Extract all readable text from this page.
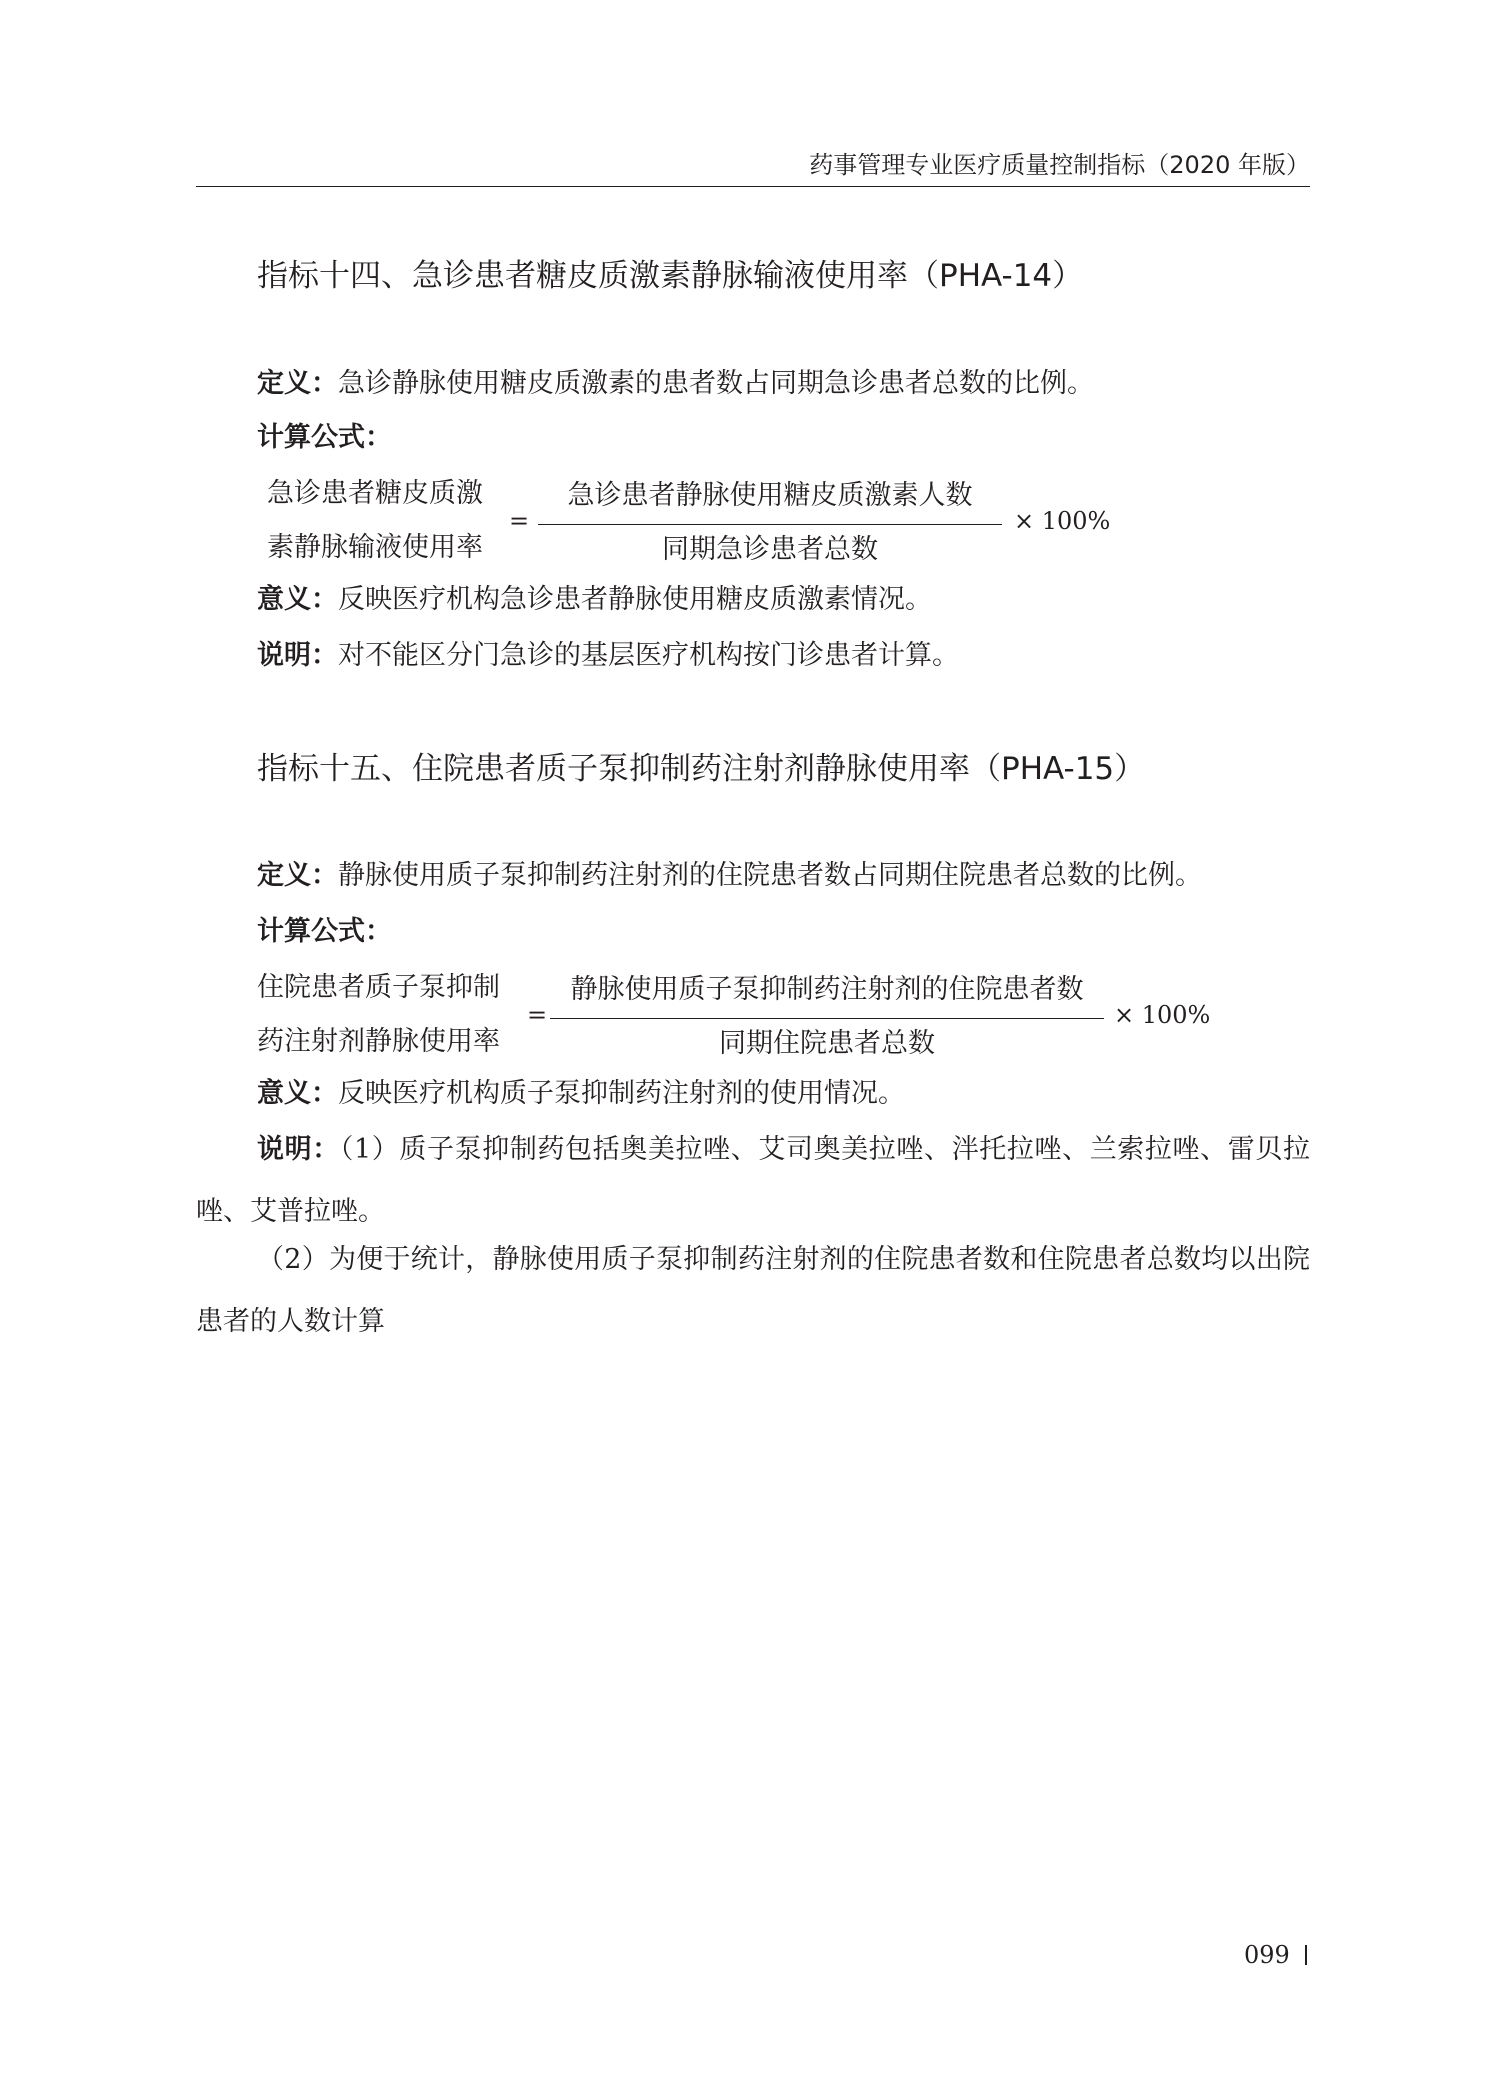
药事管理专业医疗质量控制指标（2020 年版）
指标十四、急诊患者糖皮质激素静脉输液使用率（PHA-14）
定义：急诊静脉使用糖皮质激素的患者数占同期急诊患者总数的比例。
计算公式：
急诊患者糖皮质激
素静脉输液使用率
=
急诊患者静脉使用糖皮质激素人数
同期急诊患者总数
× 100%
意义：反映医疗机构急诊患者静脉使用糖皮质激素情况。
说明：对不能区分门急诊的基层医疗机构按门诊患者计算。
指标十五、住院患者质子泵抑制药注射剂静脉使用率（PHA-15）
定义：静脉使用质子泵抑制药注射剂的住院患者数占同期住院患者总数的比例。
计算公式：
住院患者质子泵抑制
药注射剂静脉使用率
=
静脉使用质子泵抑制药注射剂的住院患者数
同期住院患者总数
× 100%
意义：反映医疗机构质子泵抑制药注射剂的使用情况。
说明：（1）质子泵抑制药包括奥美拉唑、艾司奥美拉唑、泮托拉唑、兰索拉唑、雷贝拉唑、艾普拉唑。
（2）为便于统计，静脉使用质子泵抑制药注射剂的住院患者数和住院患者总数均以出院患者的人数计算
099
